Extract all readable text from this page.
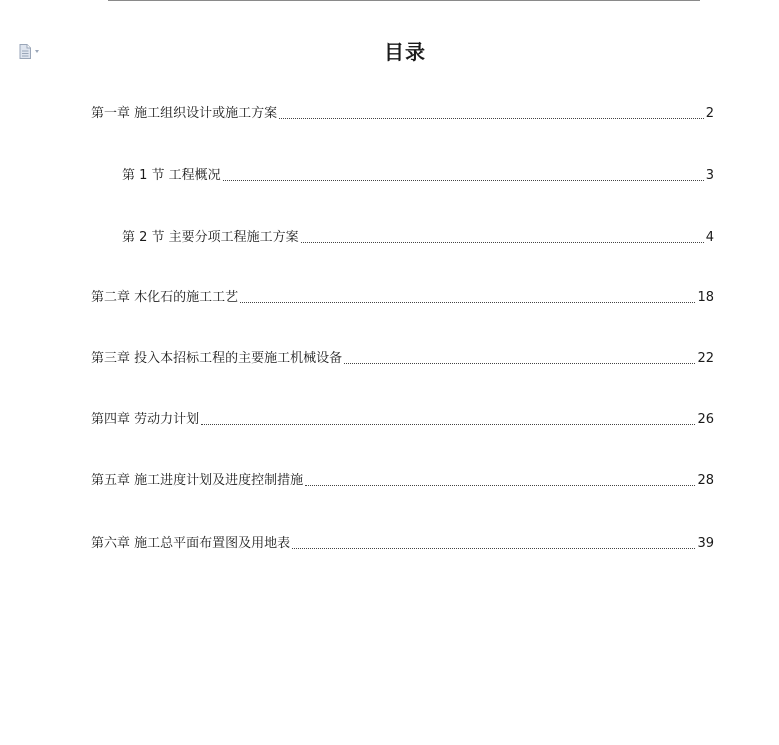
目录
第一章 施工组织设计或施工方案	2
第 1 节 工程概况	3
第 2 节 主要分项工程施工方案	4
第二章 木化石的施工工艺	18
第三章 投入本招标工程的主要施工机械设备	22
第四章 劳动力计划	26
第五章 施工进度计划及进度控制措施	28
第六章 施工总平面布置图及用地表	39
